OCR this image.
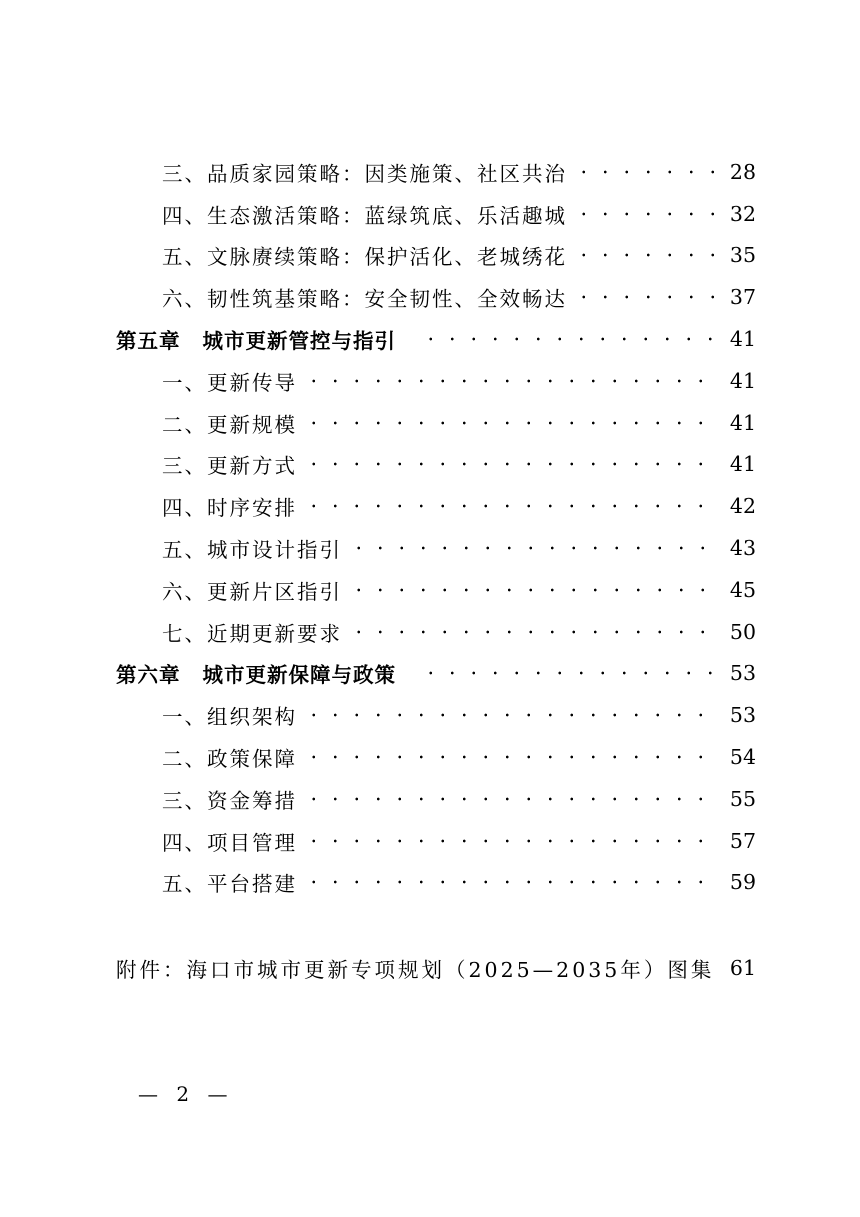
三、品质家园策略：因类施策、社区共治	28
四、生态激活策略：蓝绿筑底、乐活趣城	32
五、文脉赓续策略：保护活化、老城绣花	35
六、韧性筑基策略：安全韧性、全效畅达	37
第五章 城市更新管控与指引	41
一、更新传导	41
二、更新规模	41
三、更新方式	41
四、时序安排	42
五、城市设计指引	43
六、更新片区指引	45
七、近期更新要求	50
第六章 城市更新保障与政策	53
一、组织架构	53
二、政策保障	54
三、资金筹措	55
四、项目管理	57
五、平台搭建	59
附件：海口市城市更新专项规划（2025—2035年）图集 61
— 2 —
